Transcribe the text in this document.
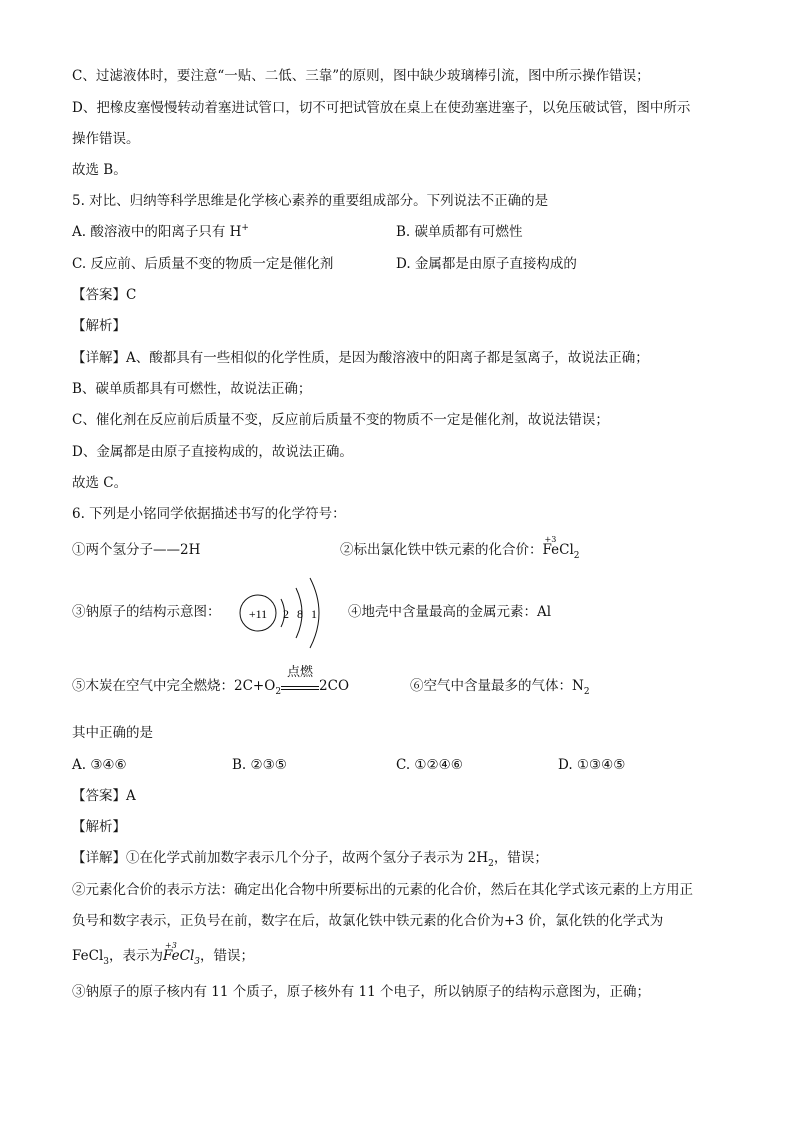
C、过滤液体时，要注意“一贴、二低、三靠”的原则，图中缺少玻璃棒引流，图中所示操作错误；
D、把橡皮塞慢慢转动着塞进试管口，切不可把试管放在桌上在使劲塞进塞子，以免压破试管，图中所示
操作错误。
故选 B。
5. 对比、归纳等科学思维是化学核心素养的重要组成部分。下列说法不正确的是
A. 酸溶液中的阳离子只有 H+	B. 碳单质都有可燃性
C. 反应前、后质量不变的物质一定是催化剂	D. 金属都是由原子直接构成的
【答案】C
【解析】
【详解】A、酸都具有一些相似的化学性质，是因为酸溶液中的阳离子都是氢离子，故说法正确；
B、碳单质都具有可燃性，故说法正确；
C、催化剂在反应前后质量不变，反应前后质量不变的物质不一定是催化剂，故说法错误；
D、金属都是由原子直接构成的，故说法正确。
故选 C。
6. 下列是小铭同学依据描述书写的化学符号：
①两个氢分子——2H	②标出氯化铁中铁元素的化合价：
+3
FeCl$_2$
③钠原子的结构示意图： +11 2 8 1 ④地壳中含量最高的金属元素：Al
⑤木炭在空气中完全燃烧：$2C+O_2$
点燃
2CO	⑥空气中含量最多的气体：$N_2$
其中正确的是
A. ③④⑥	B. ②③⑤	C. ①②④⑥	D. ①③④⑤
【答案】A
【解析】
【详解】①在化学式前加数字表示几个分子，故两个氢分子表示为 $2H_2$，错误；
②元素化合价的表示方法：确定出化合物中所要标出的元素的化合价，然后在其化学式该元素的上方用正
负号和数字表示，正负号在前，数字在后，故氯化铁中铁元素的化合价为+3 价，氯化铁的化学式为
FeCl$_3$，表示为
+3
FeCl$_3$，错误；
③钠原子的原子核内有 11 个质子，原子核外有 11 个电子，所以钠原子的结构示意图为，正确；
